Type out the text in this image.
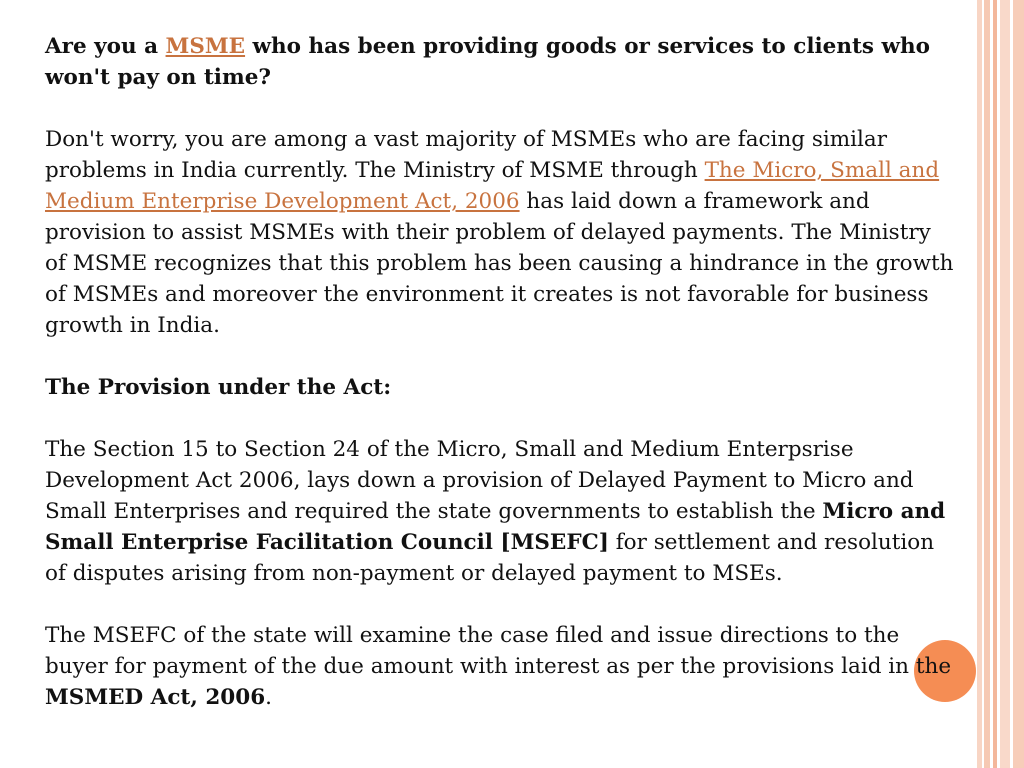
Are you a MSME who has been providing goods or services to clients who won't pay on time?

Don't worry, you are among a vast majority of MSMEs who are facing similar problems in India currently. The Ministry of MSME through The Micro, Small and Medium Enterprise Development Act, 2006 has laid down a framework and provision to assist MSMEs with their problem of delayed payments. The Ministry of MSME recognizes that this problem has been causing a hindrance in the growth of MSMEs and moreover the environment it creates is not favorable for business growth in India.

The Provision under the Act:

The Section 15 to Section 24 of the Micro, Small and Medium Enterpsrise Development Act 2006, lays down a provision of Delayed Payment to Micro and Small Enterprises and required the state governments to establish the Micro and Small Enterprise Facilitation Council [MSEFC] for settlement and resolution of disputes arising from non-payment or delayed payment to MSEs.

The MSEFC of the state will examine the case filed and issue directions to the buyer for payment of the due amount with interest as per the provisions laid in the MSMED Act, 2006.
